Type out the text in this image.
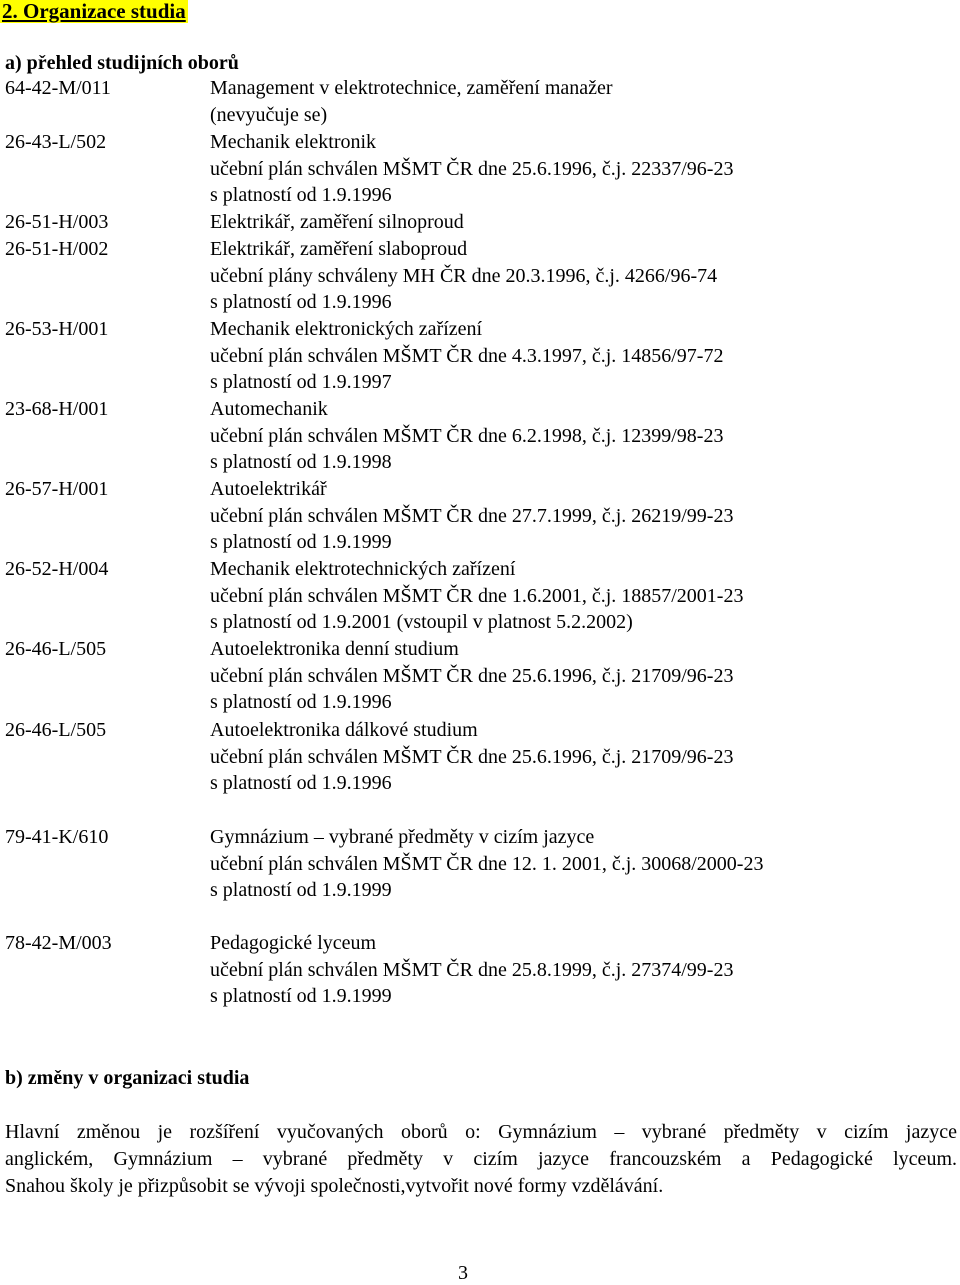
2. Organizace studia
a) přehled studijních oborů
64-42-M/011	Management v elektrotechnice, zaměření manažer
(nevyučuje se)
26-43-L/502	Mechanik elektronik
učební plán schválen MŠMT ČR dne 25.6.1996, č.j. 22337/96-23
s platností od 1.9.1996
26-51-H/003	Elektrikář, zaměření silnoproud
26-51-H/002	Elektrikář, zaměření slaboproud
učební plány schváleny MH ČR dne 20.3.1996, č.j. 4266/96-74
s platností od 1.9.1996
26-53-H/001	Mechanik elektronických zařízení
učební plán schválen MŠMT ČR dne 4.3.1997, č.j. 14856/97-72
s platností od 1.9.1997
23-68-H/001	Automechanik
učební plán schválen MŠMT ČR dne 6.2.1998, č.j. 12399/98-23
s platností od 1.9.1998
26-57-H/001	Autoelektrikář
učební plán schválen MŠMT ČR dne 27.7.1999, č.j. 26219/99-23
s platností od 1.9.1999
26-52-H/004	Mechanik elektrotechnických zařízení
učební plán schválen MŠMT ČR dne 1.6.2001, č.j. 18857/2001-23
s platností od 1.9.2001 (vstoupil v platnost 5.2.2002)
26-46-L/505	Autoelektronika denní studium
učební plán schválen MŠMT ČR dne 25.6.1996, č.j. 21709/96-23
s platností od 1.9.1996
26-46-L/505	Autoelektronika dálkové studium
učební plán schválen MŠMT ČR dne 25.6.1996, č.j. 21709/96-23
s platností od 1.9.1996
79-41-K/610	Gymnázium – vybrané předměty v cizím jazyce
učební plán schválen MŠMT ČR dne 12. 1. 2001, č.j. 30068/2000-23
s platností od 1.9.1999
78-42-M/003	Pedagogické lyceum
učební plán schválen MŠMT ČR dne 25.8.1999, č.j. 27374/99-23
s platností od 1.9.1999
b) změny v organizaci studia
Hlavní změnou je rozšíření vyučovaných oborů o: Gymnázium – vybrané předměty v cizím jazyce
anglickém, Gymnázium – vybrané předměty v cizím jazyce francouzském a Pedagogické lyceum.
Snahou školy je přizpůsobit se vývoji společnosti,vytvořit nové formy vzdělávání.
3
